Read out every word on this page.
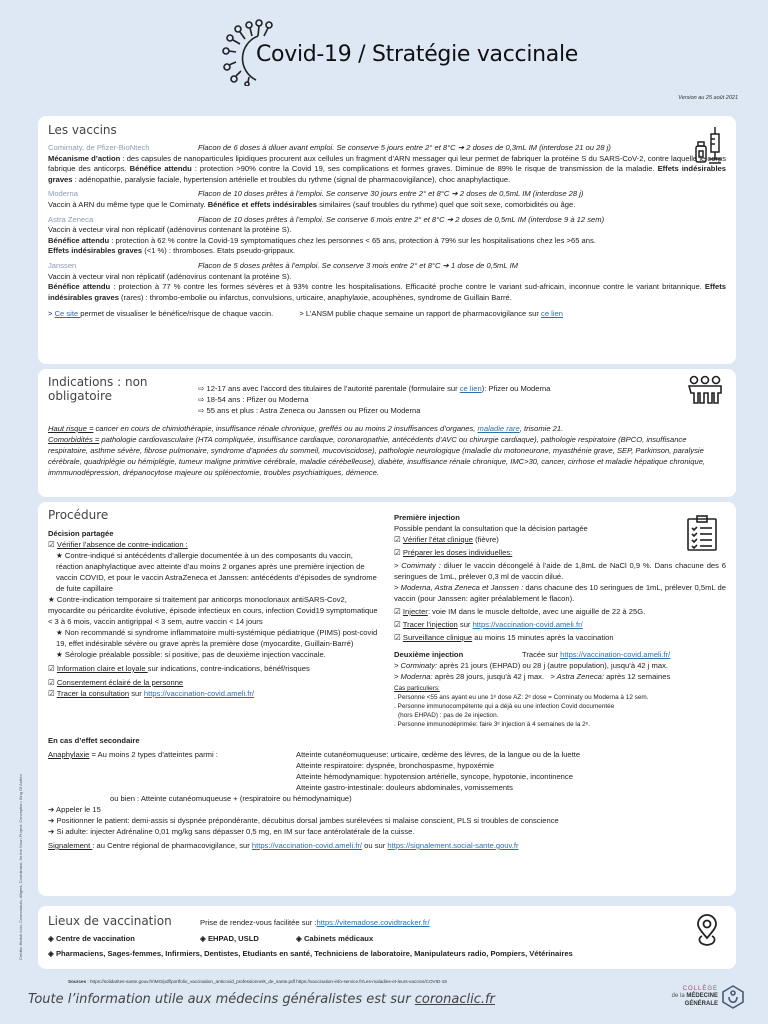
Covid-19 / Stratégie vaccinale
Version au 25 août 2021
Les vaccins
Comirnaty, de Pfizer-BioNtech	Flacon de 6 doses à diluer avant emploi. Se conserve 5 jours entre 2° et 8°C ➔ 2 doses de 0,3mL IM (interdose 21 ou 28 j)
Mécanisme d’action : des capsules de nanoparticules lipidiques procurent aux cellules un fragment d’ARN messager qui leur permet de fabriquer la protéine S du SARS-CoV-2, contre laquelle le corps fabrique des anticorps. Bénéfice attendu : protection >90% contre la Covid 19, ses complications et formes graves. Diminue de 89% le risque de transmission de la maladie. Effets indésirables graves : adénopathie, paralysie faciale, hypertension artérielle et troubles du rythme (signal de pharmacovigilance), choc anaphylactique.
Moderna	Flacon de 10 doses prêtes à l’emploi. Se conserve 30 jours entre 2° et 8°C ➔ 2 doses de 0,5mL IM (interdose 28 j)
Vaccin à ARN du même type que le Comirnaty. Bénéfice et effets indésirables similaires (sauf troubles du rythme) quel que soit sexe, comorbidités ou âge.
Astra Zeneca	Flacon de 10 doses prêtes à l’emploi. Se conserve 6 mois entre 2° et 8°C ➔ 2 doses de 0,5mL IM (interdose 9 à 12 sem)
Vaccin à vecteur viral non réplicatif (adénovirus contenant la protéine S).
Bénéfice attendu : protection à 62 % contre la Covid-19 symptomatiques chez les personnes < 65 ans, protection à 79% sur les hospitalisations chez les >65 ans.
Effets indésirables graves (<1 %) : thromboses. Etats pseudo-grippaux.
Janssen	Flacon de 5 doses prêtes à l’emploi. Se conserve 3 mois entre 2° et 8°C ➔ 1 dose de 0,5mL IM
Vaccin à vecteur viral non réplicatif (adénovirus contenant la protéine S).
Bénéfice attendu : protection à 77 % contre les formes sévères et à 93% contre les hospitalisations. Efficacité proche contre le variant sud-africain, inconnue contre le variant britannique. Effets indésirables graves (rares) : thrombo-embolie ou infarctus, convulsions, urticaire, anaphylaxie, acouphènes, syndrome de Guillain Barré.
> Ce site permet de visualiser le bénéfice/risque de chaque vaccin.	> L’ANSM publie chaque semaine un rapport de pharmacovigilance sur ce lien
Indications : non obligatoire
⇨ 12-17 ans avec l’accord des titulaires de l’autorité parentale (formulaire sur ce lien): Pfizer ou Moderna
⇨ 18-54 ans : Pfizer ou Moderna
⇨ 55 ans et plus : Astra Zeneca ou Janssen ou Pfizer ou Moderna
Haut risque = cancer en cours de chimiothérapie, insuffisance rénale chronique, greffés ou au moins 2 insuffisances d’organes, maladie rare, trisomie 21.
Comorbidités = pathologie cardiovasculaire (HTA compliquée, insuffisance cardiaque, coronaropathie, antécédents d’AVC ou chirurgie cardiaque), pathologie respiratoire (BPCO, insuffisance respiratoire, asthme sévère, fibrose pulmonaire, syndrome d’apnées du sommeil, mucoviscidose), pathologie neurologique (maladie du motoneurone, myasthénie grave, SEP, Parkinson, paralysie cérébrale, quadriplégie ou hémiplégie, tumeur maligne primitive cérébrale, maladie cérébelleuse), diabète, insuffisance rénale chronique, IMC>30, cancer, cirrhose et maladie hépatique chronique, immmunodépression, drépanocytose majeure ou splénectomie, troubles psychiatriques, démence.
Procédure
Décision partagée
☑ Vérifier l’absence de contre-indication :
★ Contre-indiqué si antécédents d’allergie documentée à un des composants du vaccin, réaction anaphylactique avec atteinte d’au moins 2 organes après une première injection de vaccin COVID, et pour le vaccin AstraZeneca et Janssen: antécédents d’épisodes de syndrome de fuite capillaire
★ Contre-indication temporaire si traitement par anticorps monoclonaux antiSARS-Cov2, myocardite ou péricardite évolutive, épisode infectieux en cours, infection Covid19 symptomatique < 3 à 6 mois, vaccin antigrippal < 3 sem, autre vaccin < 14 jours
★ Non recommandé si syndrome inflammatoire multi-systémique pédiatrique (PIMS) post-covid 19, effet indésirable sévère ou grave après la première dose (myocardite, Guillain-Barré)
★ Sérologie préalable possible: si positive, pas de deuxième injection vaccinale.
☑ Information claire et loyale sur indications, contre-indications, bénéf/risques
☑ Consentement éclairé de la personne
☑ Tracer la consultation sur https://vaccination-covid.ameli.fr/
Première injection
Possible pendant la consultation que la décision partagée
☑ Vérifier l’état clinique (fièvre)
☑ Préparer les doses individuelles:
> Comirnaty : diluer le vaccin décongelé à l’aide de 1,8mL de NaCl 0,9 %. Dans chacune des 6 seringues de 1mL, prélever 0,3 ml de vaccin dilué.
> Moderna, Astra Zeneca et Janssen : dans chacune des 10 seringues de 1mL, prélever 0,5mL de vaccin (pour Janssen: agiter préalablement le flacon).
☑ Injecter: voie IM dans le muscle deltoïde, avec une aiguille de 22 à 25G.
☑ Tracer l’injection sur https://vaccination-covid.ameli.fr/
☑ Surveillance clinique au moins 15 minutes après la vaccination
Deuxième injection	Tracée sur https://vaccination-covid.ameli.fr/
> Corminaty: après 21 jours (EHPAD) ou 28 j (autre population), jusqu’à 42 j max.
> Moderna: après 28 jours, jusqu’à 42 j max. > Astra Zeneca: après 12 semaines
Cas particuliers:
. Personne <55 ans ayant eu une 1ᵉ dose AZ: 2ᵉ dose = Corminaty ou Moderna à 12 sem.
. Personne immunocompétente qui a déjà eu une infection Covid documentée
(hors EHPAD) : pas de 2e injection.
. Personne immunodéprimée: faire 3ᵉ injection à 4 semaines de la 2ᵉ.
En cas d’effet secondaire
Anaphylaxie = Au moins 2 types d’atteintes parmi :	Atteinte cutanéomuqueuse: urticaire, œdème des lèvres, de la langue ou de la luette
Atteinte respiratoire: dyspnée, bronchospasme, hypoxémie
Atteinte hémodynamique: hypotension artérielle, syncope, hypotonie, incontinence
Atteinte gastro-intestinale: douleurs abdominales, vomissements
ou bien : Atteinte cutanéomuqueuse + (respiratoire ou hémodynamique)
➔ Appeler le 15
➔ Positionner le patient: demi-assis si dyspnée prépondérante, décubitus dorsal jambes surélevées si malaise conscient, PLS si troubles de conscience
➔ Si adulte: injecter Adrénaline 0,01 mg/kg sans dépasser 0,5 mg, en IM sur face antérolatérale de la cuisse.
Signalement : au Centre régional de pharmacovigilance, sur https://vaccination-covid.ameli.fr/ ou sur https://signalement.social-sante.gouv.fr
Lieux de vaccination	Prise de rendez-vous facilitée sur : https://vitemadose.covidtracker.fr/
◈ Centre de vaccination	◈ EHPAD, USLD	◈ Cabinets médicaux
◈ Pharmaciens, Sages-femmes, Infirmiers, Dentistes, Etudiants en santé, Techniciens de laboratoire, Manipulateurs radio, Pompiers, Vétérinaires
Crédits: Birdsh Icon, Cosmonauts, diligent, Coordinator, for the Noun Project. Conception: King Of Anthro
Sources : https://solidarites-sante.gouv.fr/IMG/pdf/portfolio_vaccination_anticovid_professionnels_de_sante.pdf https://vaccination-info-service.fr/Les-maladies-et-leurs-vaccins/COVID-19
Toute l’information utile aux médecins généralistes est sur coronaclic.fr
COLLÈGE
de la MÉDECINE
GÉNÉRALE
